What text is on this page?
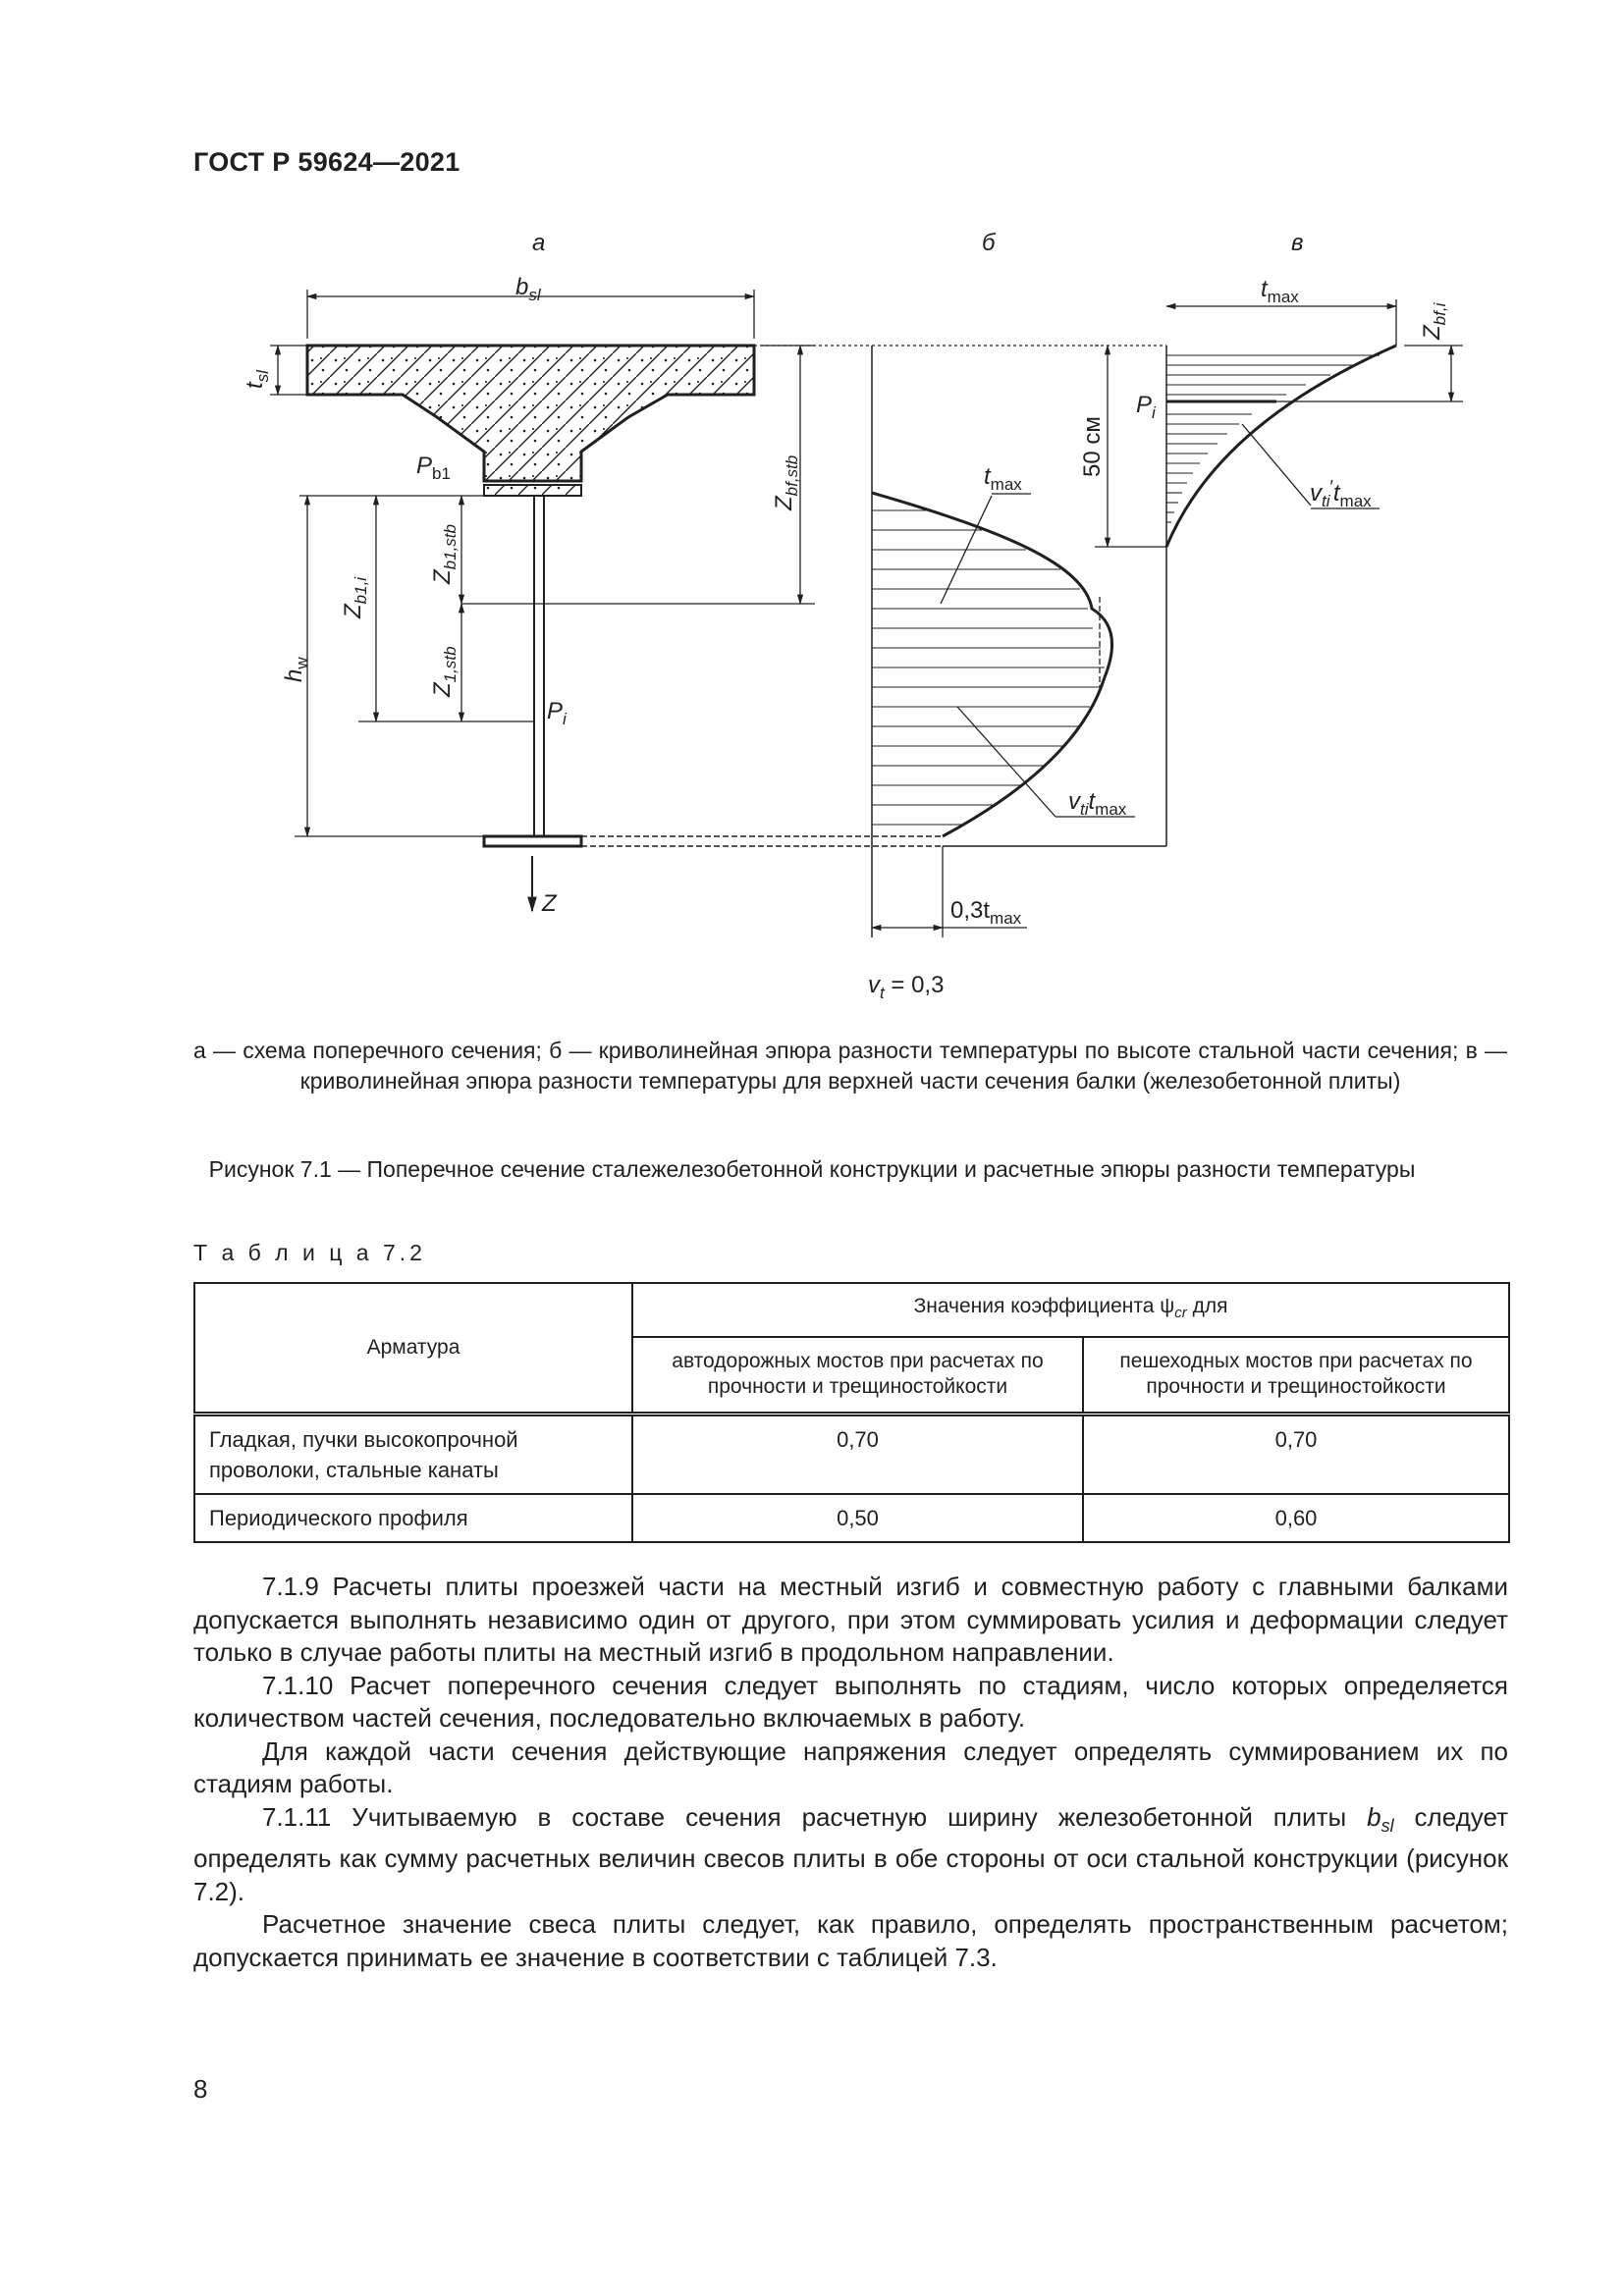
ГОСТ Р 59624—2021
а	б	в
$b_{sl}$
$t_{sl}$
$P_{b1}$
$Z_{bf,stb}$
$Z_{b1,stb}$
$Z_{b1,i}$
$Z_{1,stb}$
$h_w$
$P_i$
Z
$t_{max}$
$v_{ti}t_{max}$
$0,3t_{max}$
$v_t = 0,3$
$t_{max}$
$Z_{bf,i}$
50 см
$P_i$
$v_{ti}'t_{max}$
а — схема поперечного сечения; б — криволинейная эпюра разности температуры по высоте стальной части сечения; в — криволинейная эпюра разности температуры для верхней части сечения балки (железобетонной плиты)
Рисунок 7.1 — Поперечное сечение сталежелезобетонной конструкции и расчетные эпюры разности температуры
Т а б л и ц а 7.2
Арматура	Значения коэффициента $\psi_{cr}$ для	
	автодорожных мостов при расчетах по прочности и трещиностойкости	пешеходных мостов при расчетах по прочности и трещиностойкости
Гладкая, пучки высокопрочной проволоки, стальные канаты	0,70	0,70
Периодического профиля	0,50	0,60

7.1.9 Расчеты плиты проезжей части на местный изгиб и совместную работу с главными балками допускается выполнять независимо один от другого, при этом суммировать усилия и деформации следует только в случае работы плиты на местный изгиб в продольном направлении.

7.1.10 Расчет поперечного сечения следует выполнять по стадиям, число которых определяется количеством частей сечения, последовательно включаемых в работу.

Для каждой части сечения действующие напряжения следует определять суммированием их по стадиям работы.

7.1.11 Учитываемую в составе сечения расчетную ширину железобетонной плиты $b_{sl}$ следует определять как сумму расчетных величин свесов плиты в обе стороны от оси стальной конструкции (рисунок 7.2).

Расчетное значение свеса плиты следует, как правило, определять пространственным расчетом; допускается принимать ее значение в соответствии с таблицей 7.3.

8
